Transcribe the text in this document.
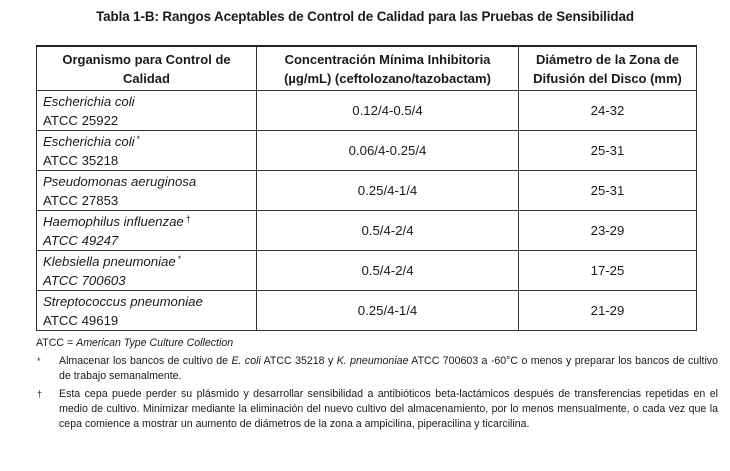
Tabla 1-B: Rangos Aceptables de Control de Calidad para las Pruebas de Sensibilidad
Organismo para Control de Calidad	Concentración Mínima Inhibitoria (µg/mL) (ceftolozano/tazobactam)	Diámetro de la Zona de Difusión del Disco (mm)
Escherichia coli
ATCC 25922	0.12/4-0.5/4	24-32
Escherichia coli *
ATCC 35218	0.06/4-0.25/4	25-31
Pseudomonas aeruginosa
ATCC 27853	0.25/4-1/4	25-31
Haemophilus influenzae †
ATCC 49247	0.5/4-2/4	23-29
Klebsiella pneumoniae *
ATCC 700603	0.5/4-2/4	17-25
Streptococcus pneumoniae
ATCC 49619	0.25/4-1/4	21-29

ATCC = American Type Culture Collection

*	Almacenar los bancos de cultivo de E. coli ATCC 35218 y K. pneumoniae ATCC 700603 a -60°C o menos y preparar los bancos de cultivo de trabajo semanalmente.
†	Esta cepa puede perder su plásmido y desarrollar sensibilidad a antibióticos beta-lactámicos después de transferencias repetidas en el medio de cultivo. Minimizar mediante la eliminación del nuevo cultivo del almacenamiento, por lo menos mensualmente, o cada vez que la cepa comience a mostrar un aumento de diámetros de la zona a ampicilina, piperacilina y ticarcilina.
